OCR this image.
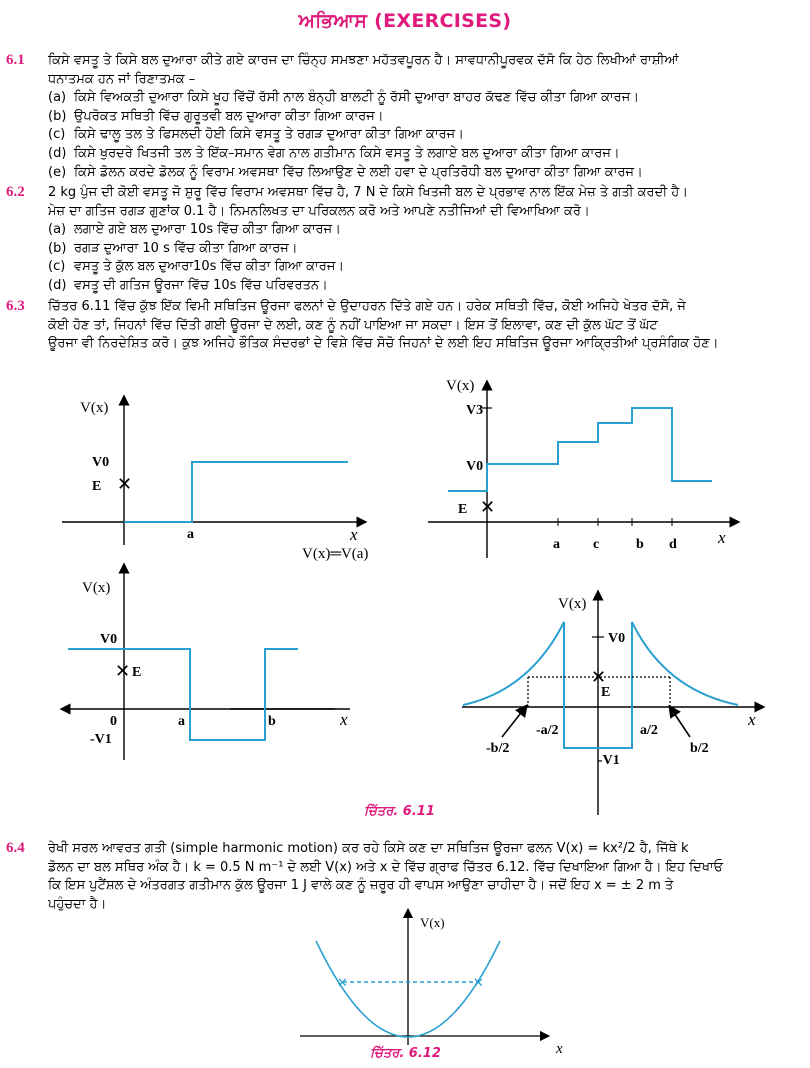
ਅਭਿਆਸ (EXERCISES)
6.1	ਕਿਸੇ ਵਸਤੂ ਤੇ ਕਿਸੇ ਬਲ ਦੁਆਰਾ ਕੀਤੇ ਗਏ ਕਾਰਜ ਦਾ ਚਿੰਨ੍ਹ ਸਮਝਣਾ ਮਹੱਤਵਪੂਰਨ ਹੈ। ਸਾਵਧਾਨੀਪੂਰਵਕ ਦੱਸੋ ਕਿ ਹੇਠ ਲਿਖੀਆਂ ਰਾਸ਼ੀਆਂ

ਧਨਾਤਮਕ ਹਨ ਜਾਂ ਰਿਣਾਤਮਕ –

(a) ਕਿਸੇ ਵਿਅਕਤੀ ਦੁਆਰਾ ਕਿਸੇ ਖੂਹ ਵਿੱਚੋਂ ਰੱਸੀ ਨਾਲ ਬੰਨ੍ਹੀ ਬਾਲਟੀ ਨੂੰ ਰੱਸੀ ਦੁਆਰਾ ਬਾਹਰ ਕੱਢਣ ਵਿੱਚ ਕੀਤਾ ਗਿਆ ਕਾਰਜ।
(b) ਉਪਰੋਕਤ ਸਥਿਤੀ ਵਿੱਚ ਗੁਰੂਤਵੀ ਬਲ ਦੁਆਰਾ ਕੀਤਾ ਗਿਆ ਕਾਰਜ।
(c) ਕਿਸੇ ਢਾਲੂ ਤਲ ਤੇ ਫਿਸਲਦੀ ਹੋਈ ਕਿਸੇ ਵਸਤੂ ਤੇ ਰਗੜ ਦੁਆਰਾ ਕੀਤਾ ਗਿਆ ਕਾਰਜ।
(d) ਕਿਸੇ ਖੁਰਦਰੇ ਖਿਤਜੀ ਤਲ ਤੇ ਇੱਕ–ਸਮਾਨ ਵੇਗ ਨਾਲ ਗਤੀਮਾਨ ਕਿਸੇ ਵਸਤੂ ਤੇ ਲਗਾਏ ਬਲ ਦੁਆਰਾ ਕੀਤਾ ਗਿਆ ਕਾਰਜ।
(e) ਕਿਸੇ ਡੋਲਨ ਕਰਦੇ ਡੋਲਕ ਨੂੰ ਵਿਰਾਮ ਅਵਸਥਾ ਵਿੱਚ ਲਿਆਉਣ ਦੇ ਲਈ ਹਵਾ ਦੇ ਪ੍ਰਤਿਰੋਧੀ ਬਲ ਦੁਆਰਾ ਕੀਤਾ ਗਿਆ ਕਾਰਜ।
6.2	2 kg ਪੁੰਜ ਦੀ ਕੋਈ ਵਸਤੂ ਜੋ ਸ਼ੁਰੂ ਵਿੱਚ ਵਿਰਾਮ ਅਵਸਥਾ ਵਿੱਚ ਹੈ, 7 N ਦੇ ਕਿਸੇ ਖਿਤਜੀ ਬਲ ਦੇ ਪ੍ਰਭਾਵ ਨਾਲ ਇੱਕ ਮੇਜ਼ ਤੇ ਗਤੀ ਕਰਦੀ ਹੈ।

ਮੇਜ਼ ਦਾ ਗਤਿਜ ਰਗੜ ਗੁਣਾਂਕ 0.1 ਹੈ। ਨਿਮਨਲਿਖਤ ਦਾ ਪਰਿਕਲਨ ਕਰੋ ਅਤੇ ਆਪਣੇ ਨਤੀਜਿਆਂ ਦੀ ਵਿਆਖਿਆ ਕਰੋ।

(a) ਲਗਾਏ ਗਏ ਬਲ ਦੁਆਰਾ 10s ਵਿੱਚ ਕੀਤਾ ਗਿਆ ਕਾਰਜ।
(b) ਰਗੜ ਦੁਆਰਾ 10 s ਵਿੱਚ ਕੀਤਾ ਗਿਆ ਕਾਰਜ।
(c) ਵਸਤੂ ਤੇ ਕੁੱਲ ਬਲ ਦੁਆਰਾ10s ਵਿੱਚ ਕੀਤਾ ਗਿਆ ਕਾਰਜ।
(d) ਵਸਤੂ ਦੀ ਗਤਿਜ ਊਰਜਾ ਵਿੱਚ 10s ਵਿੱਚ ਪਰਿਵਰਤਨ।
6.3	ਚਿੱਤਰ 6.11 ਵਿੱਚ ਕੁੱਝ ਇੱਕ ਵਿਮੀ ਸਥਿਤਿਜ ਊਰਜਾ ਫਲਨਾਂ ਦੇ ਉਦਾਹਰਨ ਦਿੱਤੇ ਗਏ ਹਨ। ਹਰੇਕ ਸਥਿਤੀ ਵਿੱਚ, ਕੋਈ ਅਜਿਹੇ ਖੇਤਰ ਦੱਸੋ, ਜੇ

ਕੋਈ ਹੋਣ ਤਾਂ, ਜਿਹਨਾਂ ਵਿੱਚ ਦਿੱਤੀ ਗਈ ਊਰਜਾ ਦੇ ਲਈ, ਕਣ ਨੂੰ ਨਹੀਂ ਪਾਇਆ ਜਾ ਸਕਦਾ। ਇਸ ਤੋਂ ਇਲਾਵਾ, ਕਣ ਦੀ ਕੁੱਲ ਘੱਟ ਤੋਂ ਘੱਟ

ਊਰਜਾ ਵੀ ਨਿਰਦੇਸ਼ਿਤ ਕਰੋ। ਕੁਝ ਅਜਿਹੇ ਭੌਤਿਕ ਸੰਦਰਭਾਂ ਦੇ ਵਿਸ਼ੇ ਵਿੱਚ ਸੋਚੋ ਜਿਹਨਾਂ ਦੇ ਲਈ ਇਹ ਸਥਿਤਿਜ ਊਰਜਾ ਆਕ੍ਰਿਤੀਆਂ ਪ੍ਰਸੰਗਿਕ ਹੋਣ।

V(x)
V0
E ✕
a	x
V(x)═V(a)
V(x)
V3
V0
E ✕
a c	b d x
V(x)
V0
✕ E
0	a	b
-V1
x
V(x)
V0
✕
E
-V1
x
-b/2
-a/2	a/2
b/2
ਚਿੱਤਰ. 6.11
6.4	ਰੇਖੀ ਸਰਲ ਆਵਰਤ ਗਤੀ (simple harmonic motion) ਕਰ ਰਹੇ ਕਿਸੇ ਕਣ ਦਾ ਸਥਿਤਿਜ ਊਰਜਾ ਫਲਨ V(x) = kx²/2 ਹੈ, ਜਿੱਥੇ k

ਡੋਲਨ ਦਾ ਬਲ ਸਥਿਰ ਅੰਕ ਹੈ। k = 0.5 N m⁻¹ ਦੇ ਲਈ V(x) ਅਤੇ x ਦੇ ਵਿੱਚ ਗ੍ਰਾਫ ਚਿੱਤਰ 6.12. ਵਿੱਚ ਦਿਖਾਇਆ ਗਿਆ ਹੈ। ਇਹ ਦਿਖਾਓ

ਕਿ ਇਸ ਪੁਟੈਂਸ਼ਲ ਦੇ ਅੰਤਰਗਤ ਗਤੀਮਾਨ ਕੁੱਲ ਊਰਜਾ 1 J ਵਾਲੇ ਕਣ ਨੂੰ ਜ਼ਰੂਰ ਹੀ ਵਾਪਸ ਆਉਣਾ ਚਾਹੀਦਾ ਹੈ। ਜਦੋਂ ਇਹ x = ± 2 m ਤੇ

ਪਹੁੰਚਦਾ ਹੈ।

✕	✕
V(x)
x
ਚਿੱਤਰ. 6.12
